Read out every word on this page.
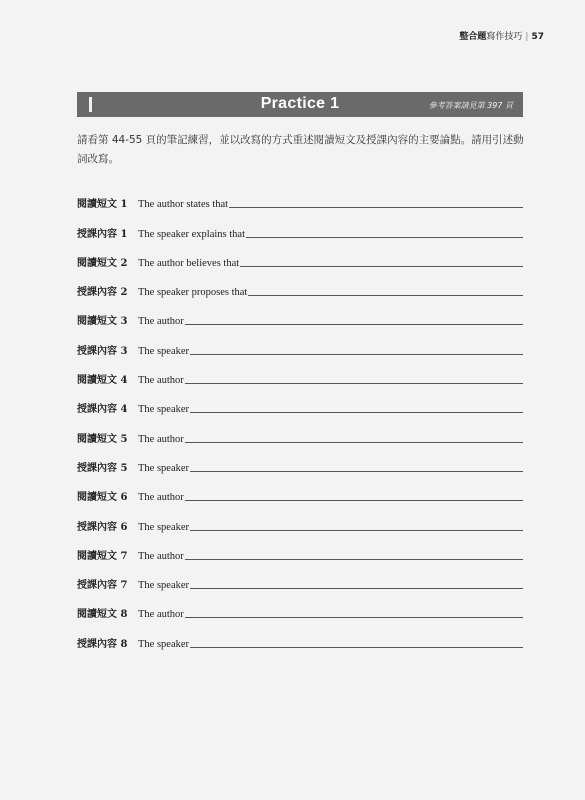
整合題寫作技巧 | 57
Practice 1	參考答案請見第 397 頁
請看第 44-55 頁的筆記練習，並以改寫的方式重述閱讀短文及授課內容的主要論點。請用引述動詞改寫。
閱讀短文 1	The author states that
授課內容 1	The speaker explains that
閱讀短文 2	The author believes that
授課內容 2	The speaker proposes that
閱讀短文 3	The author
授課內容 3	The speaker
閱讀短文 4	The author
授課內容 4	The speaker
閱讀短文 5	The author
授課內容 5	The speaker
閱讀短文 6	The author
授課內容 6	The speaker
閱讀短文 7	The author
授課內容 7	The speaker
閱讀短文 8	The author
授課內容 8	The speaker
